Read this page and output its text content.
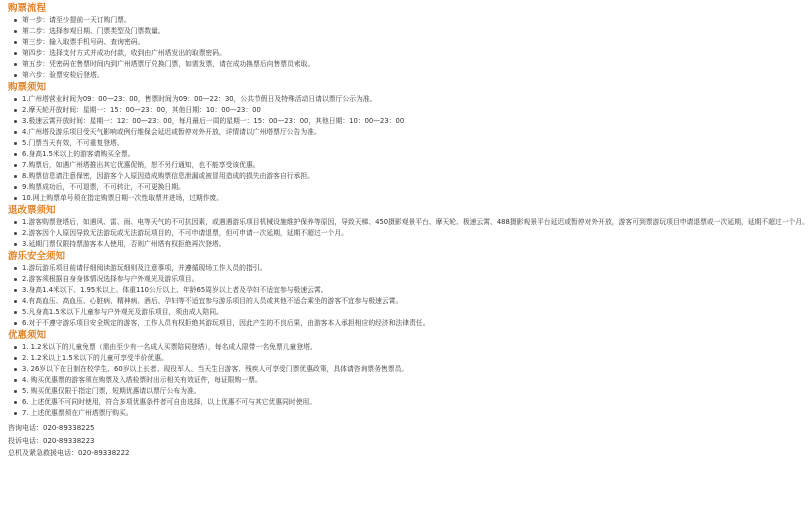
购票流程
第一步：请至少提前一天订购门票。
第二步：选择参观日期、门票类型及门票数量。
第三步：输入取票手机号码、查询密码。
第四步：选择支付方式并成功付款，收到由广州塔发出的取票密码。
第五步：凭密码在售票时间内到广州塔票厅兑换门票，如需发票，请在成功换票后向售票员索取。
第六步：验票安检后登塔。
购票须知
1.广州塔营业时间为09：00—23：00，售票时间为09：00—22：30，公共节假日及特殊活动日请以票厅公示为准。
2.摩天轮开放时间：星期一：15：00—23：00，其他日期：10：00—23：00
3.极速云霄开放时间：星期一：12：00—23：00，每月最后一周的星期一：15：00—23：00，其他日期：10：00—23：00
4.广州塔及游乐项目受天气影响或例行维保会延迟或暂停对外开放，详情请以广州塔票厅公告为准。
5.门票当天有效，不可重复登塔。
6.身高1.5米以上的游客请购买全票。
7.购票后，如遇广州塔推出其它优惠促销，恕不另行通知，也不能享受该优惠。
8.购票信息请注意保密，因游客个人原因造成购票信息泄漏或被冒用造成的损失由游客自行承担。
9.购票成功后，不可退票，不可转让，不可更换日期。
10.网上购票单号须在指定购票日期一次性取票并进场，过期作废。
退改票须知
1.游客购票登塔后，如遇风、雷、雨、电等天气的不可抗因素，或遇遇游乐项目机械设施维护保养等原因，导致天梯、450摄影观景平台、摩天轮、极速云霄、488摄影观景平台延迟或暂停对外开放，游客可到票游玩项目申请退票或一次延期，延期不超过一个月。
2.游客因个人原因导致无法游玩或无法游玩项目的，不可申请退票，但可申请一次延期，延期不超过一个月。
3.延期门票仅限持票游客本人使用，否则广州塔有权拒绝再次登塔。
游乐安全须知
1.游玩游乐项目前请仔细阅读游玩细则及注意事项，并遵循现场工作人员的指引。
2.游客须根据自身身体情况选择参与户外观光及游乐项目。
3.身高1.4米以下、1.95米以上、体重110公斤以上、年龄65周岁以上者及孕妇不适宜参与极速云霄。
4.有高血压、高血压、心脏病、精神病、酒后、孕妇等不适宜参与游乐项目的人员或其他不适合乘坐的游客不宜参与极速云霄。
5.凡身高1.5米以下儿童参与户外观光及游乐项目，须由成人陪同。
6.对于不遵守游乐项目安全规定的游客，工作人员有权拒绝其游玩项目，因此产生的不良后果，由游客本人承担相应的经济和法律责任。
优惠须知
1. 1.2米以下的儿童免票（需由至少有一名成人买票陪同登塔），每名成人限带一名免票儿童登塔。
2. 1.2米以上1.5米以下的儿童可享受半价优惠。
3. 26岁以下在日制在校学生、60岁以上长者、现役军人、当天生日游客、残疾人可享受门票优惠政策，具体请咨询票务售票员。
4. 购买优惠票的游客须在购票及入塔检票时出示相关有效证件，每证限购一票。
5. 购买优惠仅限于指定门票，短期优惠请以票厅公布为准。
6. 上述优惠不可同时使用，符合多项优惠条件者可自由选择，以上优惠不可与其它优惠同时使用。
7. 上述优惠票须在广州塔票厅购买。
咨询电话：020-89338225
投诉电话：020-89338223
总机及紧急救援电话：020-89338222
